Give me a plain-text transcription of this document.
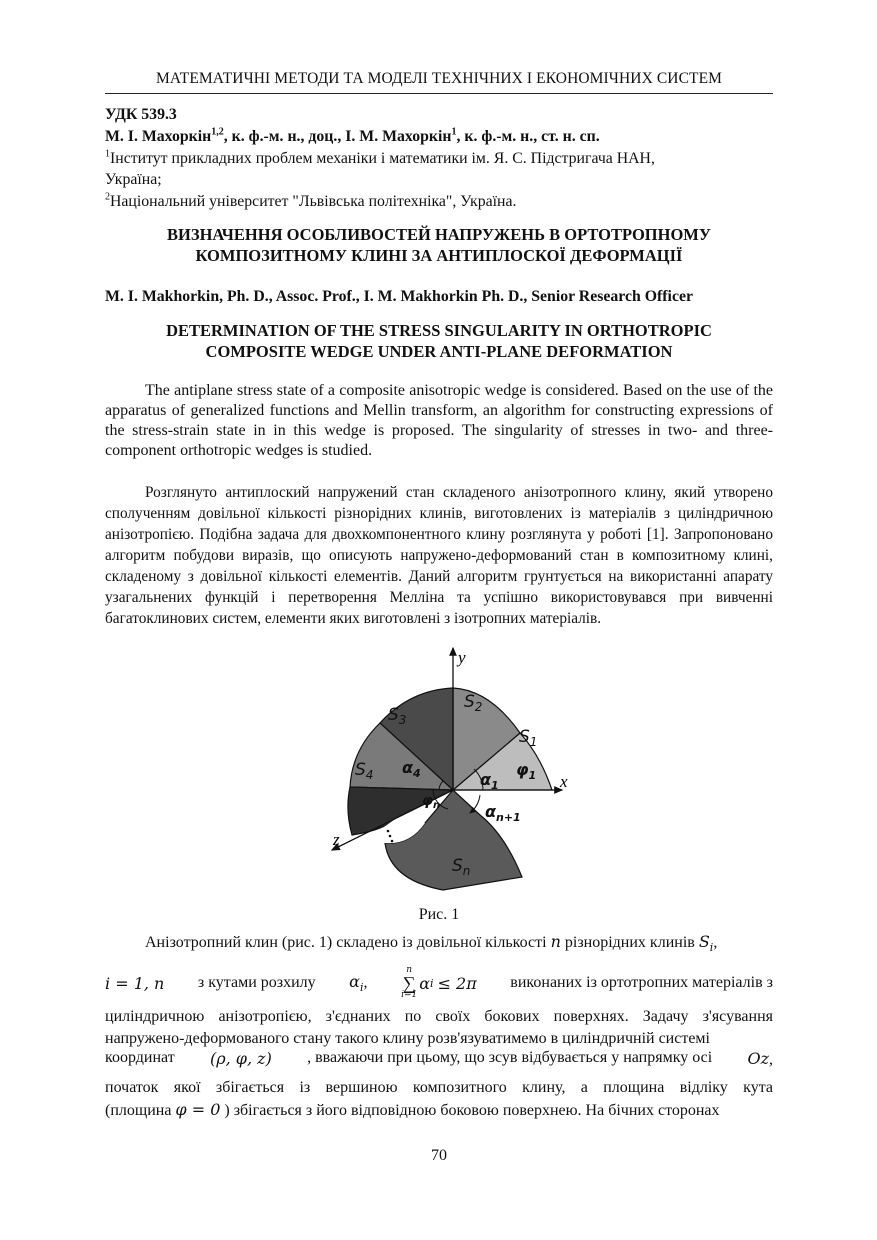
МАТЕМАТИЧНІ МЕТОДИ ТА МОДЕЛІ ТЕХНІЧНИХ І ЕКОНОМІЧНИХ СИСТЕМ
УДК 539.3
М. І. Махоркін$^{1,2}$, к. ф.-м. н., доц., І. М. Махоркін$^1$, к. ф.-м. н., ст. н. сп.
$^1$Інститут прикладних проблем механіки і математики ім. Я. С. Підстригача НАН,
Україна;
$^2$Національний університет "Львівська політехніка", Україна.
ВИЗНАЧЕННЯ ОСОБЛИВОСТЕЙ НАПРУЖЕНЬ В ОРТОТРОПНОМУ
КОМПОЗИТНОМУ КЛИНІ ЗА АНТИПЛОСКОЇ ДЕФОРМАЦІЇ
M. I. Makhorkin, Ph. D., Assoc. Prof., I. M. Makhorkin Ph. D., Senior Research Officer
DETERMINATION OF THE STRESS SINGULARITY IN ORTHOTROPIC
COMPOSITE WEDGE UNDER ANTI-PLANE DEFORMATION
The antiplane stress state of a composite anisotropic wedge is considered. Based on the use of the apparatus of generalized functions and Mellin transform, an algorithm for constructing expressions of the stress-strain state in in this wedge is proposed. The singularity of stresses in two- and three-component orthotropic wedges is studied.
Розглянуто антиплоский напружений стан складеного анізотропного клину, який утворено сполученням довільної кількості різнорідних клинів, виготовлених із матеріалів з циліндричною анізотропією. Подібна задача для двохкомпонентного клину розглянута у роботі [1]. Запропоновано алгоритм побудови виразів, що описують напружено-деформований стан в композитному клині, складеному з довільної кількості елементів. Даний алгоритм грунтується на використанні апарату узагальнених функцій і перетворення Мелліна та успішно використовувався при вивченні багатоклинових систем, елементи яких виготовлені з ізотропних матеріалів.
y
x
z
$S_2$
$S_1$
$S_3$
$S_4$
$S_n$
$\alpha_1$
$\alpha_4$
$\alpha_{n+1}$
$\varphi_1$
$\varphi_n$
Рис. 1
Анізотропний клин (рис. 1) складено із довільної кількості n різнорідних клинів $S_i$,
i = 1, n з кутами розхилу $\alpha_i$,
n
∑
i=1
α i
≤ 2π виконаних із ортотропних матеріалів з
циліндричною анізотропією, з'єднаних по своїх бокових поверхнях. Задачу з'ясування напружено-деформованого стану такого клину розв'язуватимемо в циліндричній системі
координат (ρ, φ, z) , вважаючи при цьому, що зсув відбувається у напрямку осі Oz,
початок якої збігається із вершиною композитного клину, а площина відліку кута
(площина φ = 0 ) збігається з його відповідною боковою поверхнею. На бічних сторонах
70
